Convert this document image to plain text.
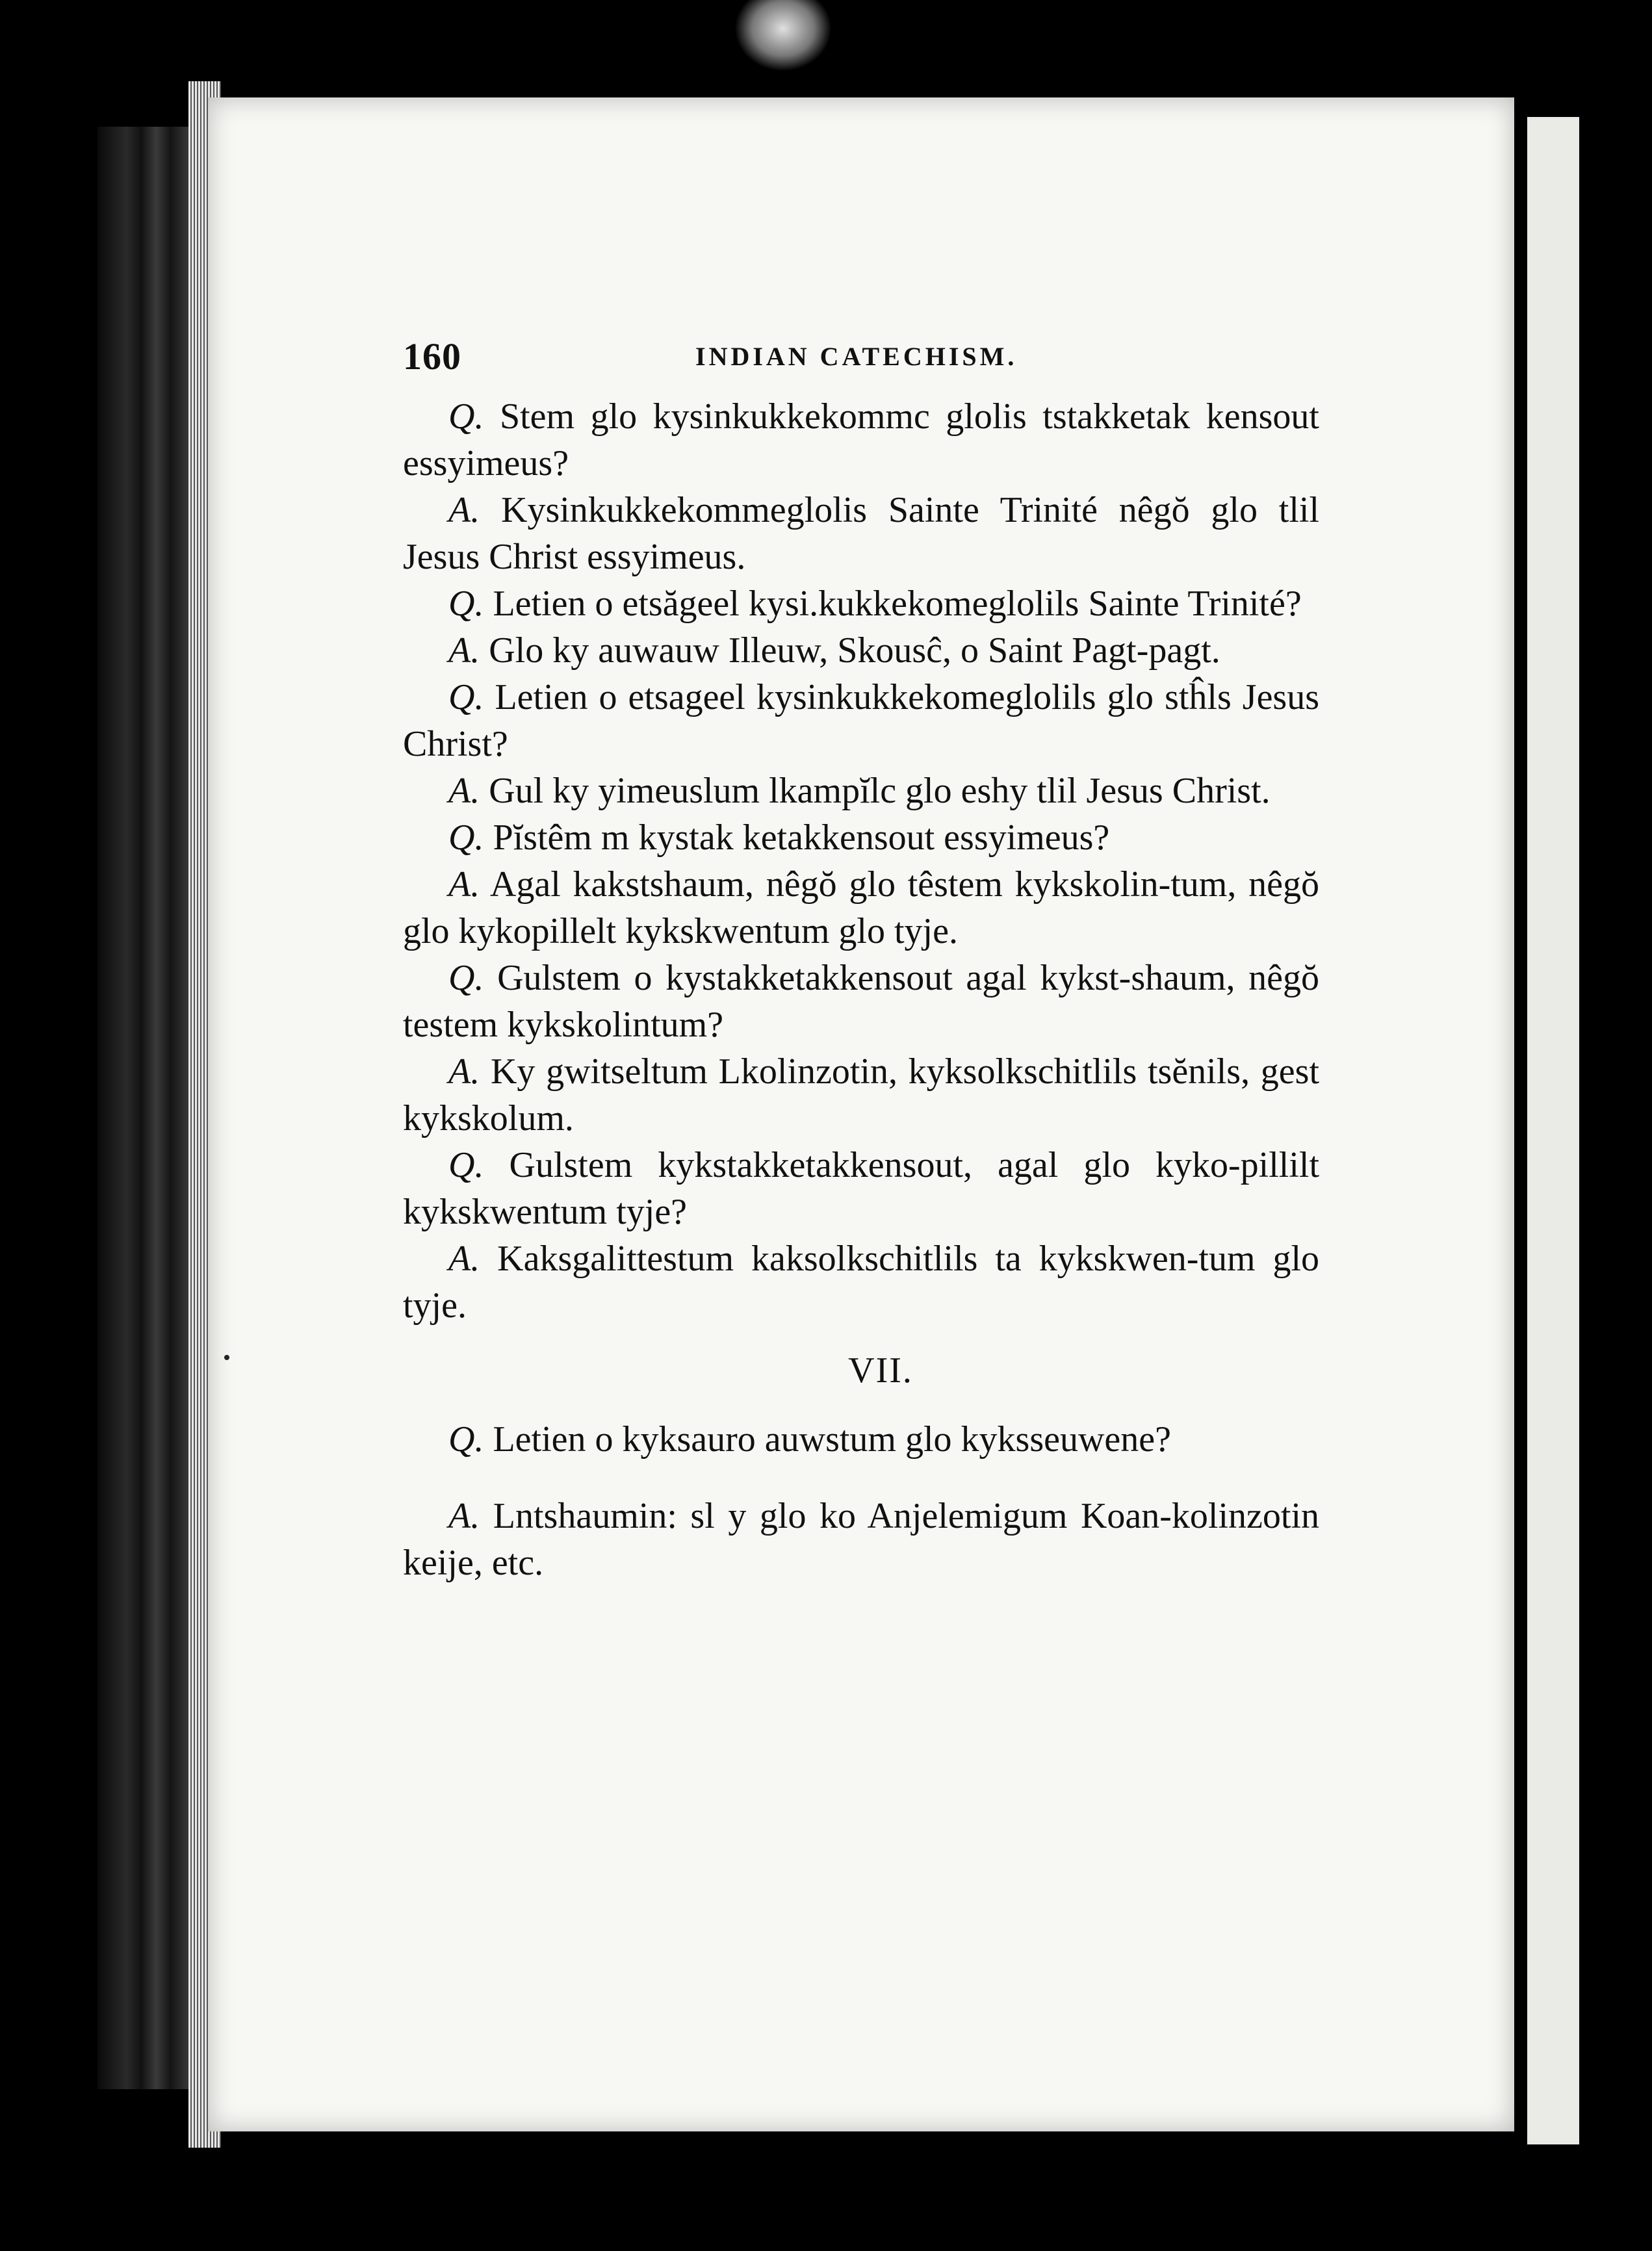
160	INDIAN CATECHISM.

Q. Stem glo kysinkukkekommc glolis tstakketak kensout essyimeus?

A. Kysinkukkekommeglolis Sainte Trinité nêgŏ glo tlil Jesus Christ essyimeus.

Q. Letien o etsăgeel kysi.kukkekomeglolils Sainte Trinité?

A. Glo ky auwauw Illeuw, Skousĉ, o Saint Pagt-pagt.

Q. Letien o etsageel kysinkukkekomeglolils glo stĥls Jesus Christ?

A. Gul ky yimeuslum lkampĭlc glo eshy tlil Jesus Christ.

Q. Pĭstêm m kystak ketakkensout essyimeus?

A. Agal kakstshaum, nêgŏ glo têstem kykskolin-tum, nêgŏ glo kykopillelt kykskwentum glo tyje.

Q. Gulstem o kystakketakkensout agal kykst-shaum, nêgŏ testem kykskolintum?

A. Ky gwitseltum Lkolinzotin, kyksolkschitlils tsĕnils, gest kykskolum.

Q. Gulstem kykstakketakkensout, agal glo kyko-pillilt kykskwentum tyje?

A. Kaksgalittestum kaksolkschitlils ta kykskwen-tum glo tyje.

VII.

Q. Letien o kyksauro auwstum glo kyksseuwene?

A. Lntshaumin: sl y glo ko Anjelemigum Koan-kolinzotin keije, etc.
